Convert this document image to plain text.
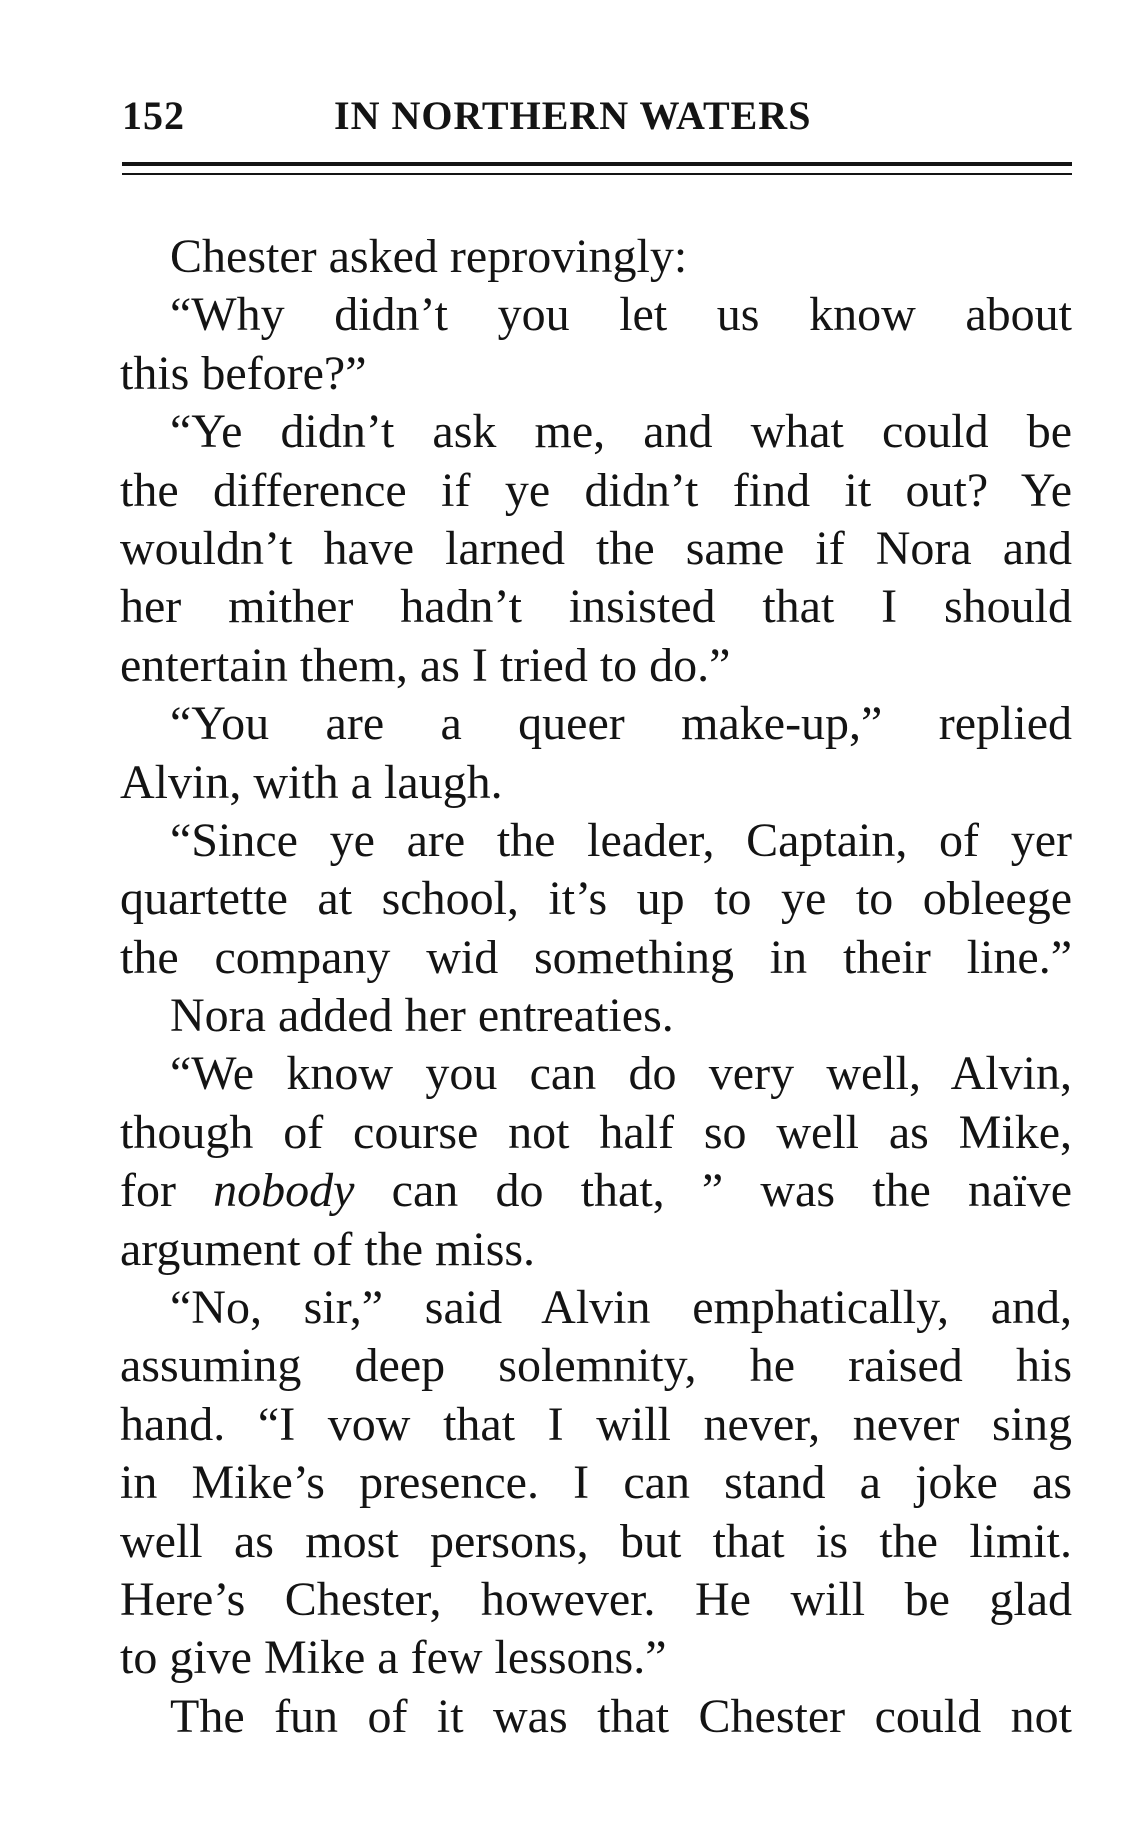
152	IN NORTHERN WATERS
Chester asked reprovingly:
“Why didn’t you let us know about
this before?”
“Ye didn’t ask me, and what could be
the difference if ye didn’t find it out? Ye
wouldn’t have larned the same if Nora and
her mither hadn’t insisted that I should
entertain them, as I tried to do.”
“You are a queer make-up,” replied
Alvin, with a laugh.
“Since ye are the leader, Captain, of yer
quartette at school, it’s up to ye to obleege
the company wid something in their line.”
Nora added her entreaties.
“We know you can do very well, Alvin,
though of course not half so well as Mike,
for nobody can do that, ” was the naïve
argument of the miss.
“No, sir,” said Alvin emphatically, and,
assuming deep solemnity, he raised his
hand. “I vow that I will never, never sing
in Mike’s presence. I can stand a joke as
well as most persons, but that is the limit.
Here’s Chester, however. He will be glad
to give Mike a few lessons.”
The fun of it was that Chester could not
